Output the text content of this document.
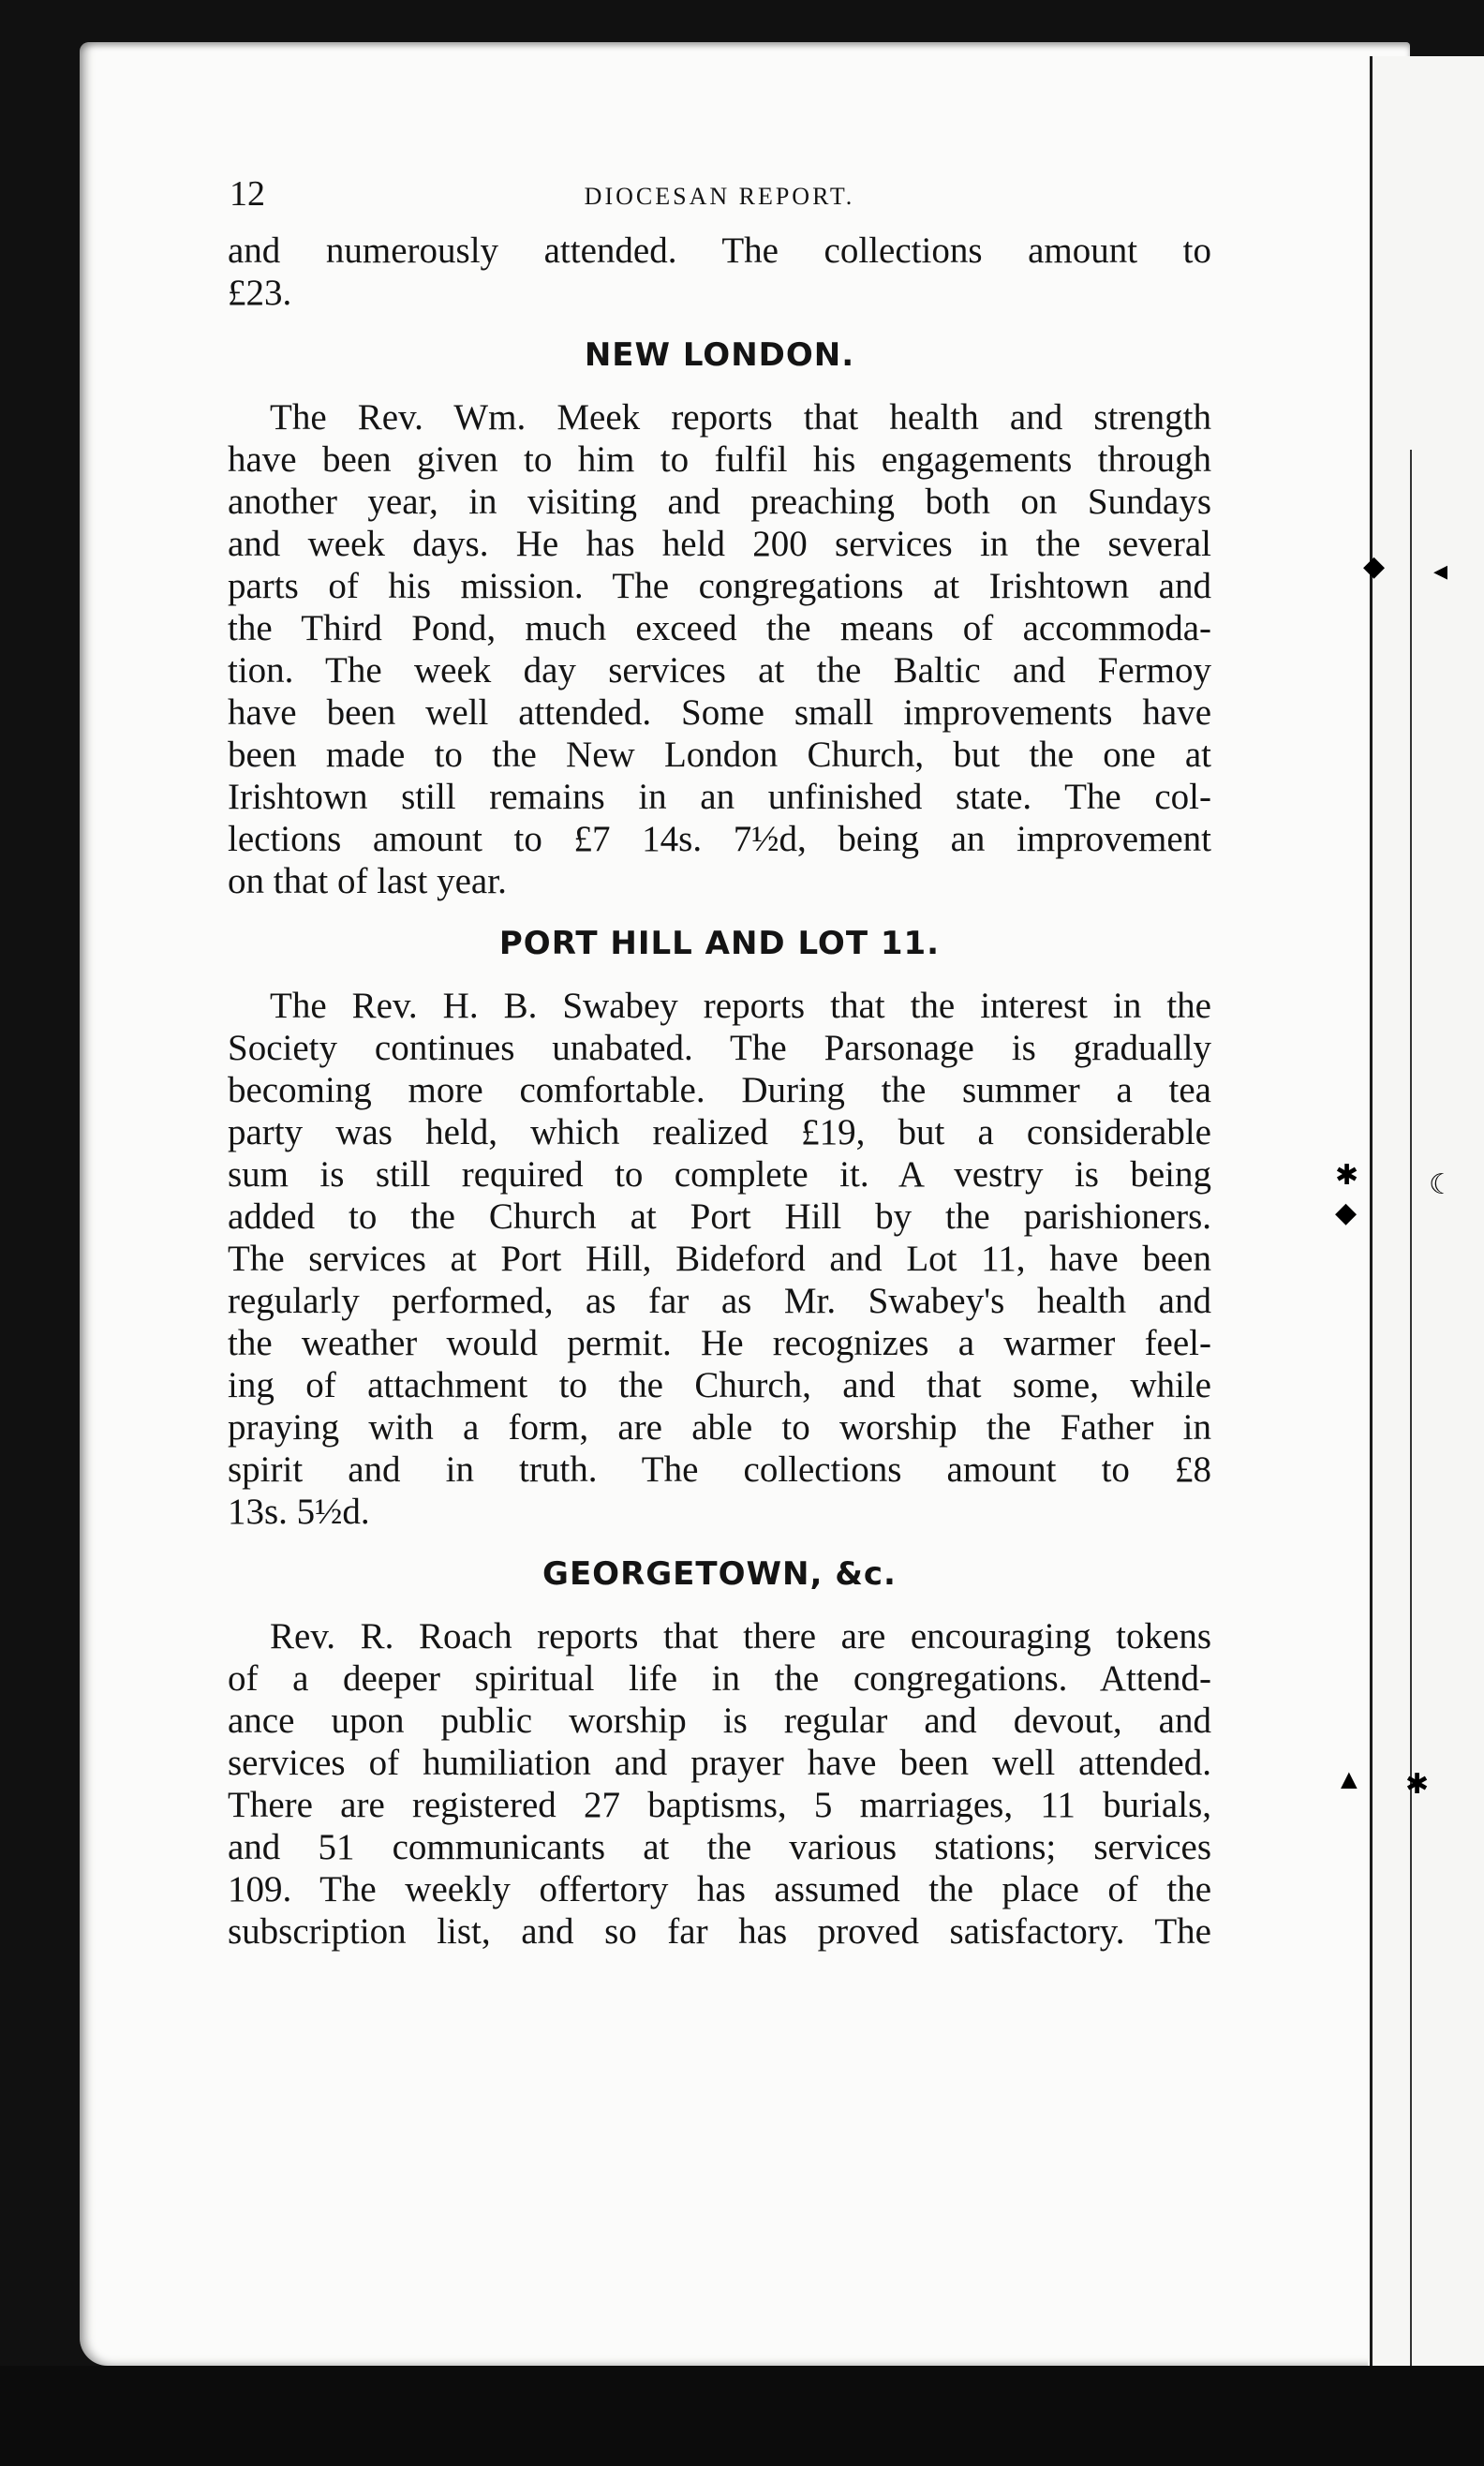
◆ ◂
✱
◆
☾
▲ ✱
12	DIOCESAN REPORT.

and numerously attended. The collections amount to
£23.

NEW LONDON.

The Rev. Wm. Meek reports that health and strength
have been given to him to fulfil his engagements through
another year, in visiting and preaching both on Sundays
and week days. He has held 200 services in the several
parts of his mission. The congregations at Irishtown and
the Third Pond, much exceed the means of accommoda-
tion. The week day services at the Baltic and Fermoy
have been well attended. Some small improvements have
been made to the New London Church, but the one at
Irishtown still remains in an unfinished state. The col-
lections amount to £7 14s. 7½d, being an improvement
on that of last year.

PORT HILL AND LOT 11.

The Rev. H. B. Swabey reports that the interest in the
Society continues unabated. The Parsonage is gradually
becoming more comfortable. During the summer a tea
party was held, which realized £19, but a considerable
sum is still required to complete it. A vestry is being
added to the Church at Port Hill by the parishioners.
The services at Port Hill, Bideford and Lot 11, have been
regularly performed, as far as Mr. Swabey's health and
the weather would permit. He recognizes a warmer feel-
ing of attachment to the Church, and that some, while
praying with a form, are able to worship the Father in
spirit and in truth. The collections amount to £8
13s. 5½d.

GEORGETOWN, &c.

Rev. R. Roach reports that there are encouraging tokens
of a deeper spiritual life in the congregations. Attend-
ance upon public worship is regular and devout, and
services of humiliation and prayer have been well attended.
There are registered 27 baptisms, 5 marriages, 11 burials,
and 51 communicants at the various stations; services
109. The weekly offertory has assumed the place of the
subscription list, and so far has proved satisfactory. The
